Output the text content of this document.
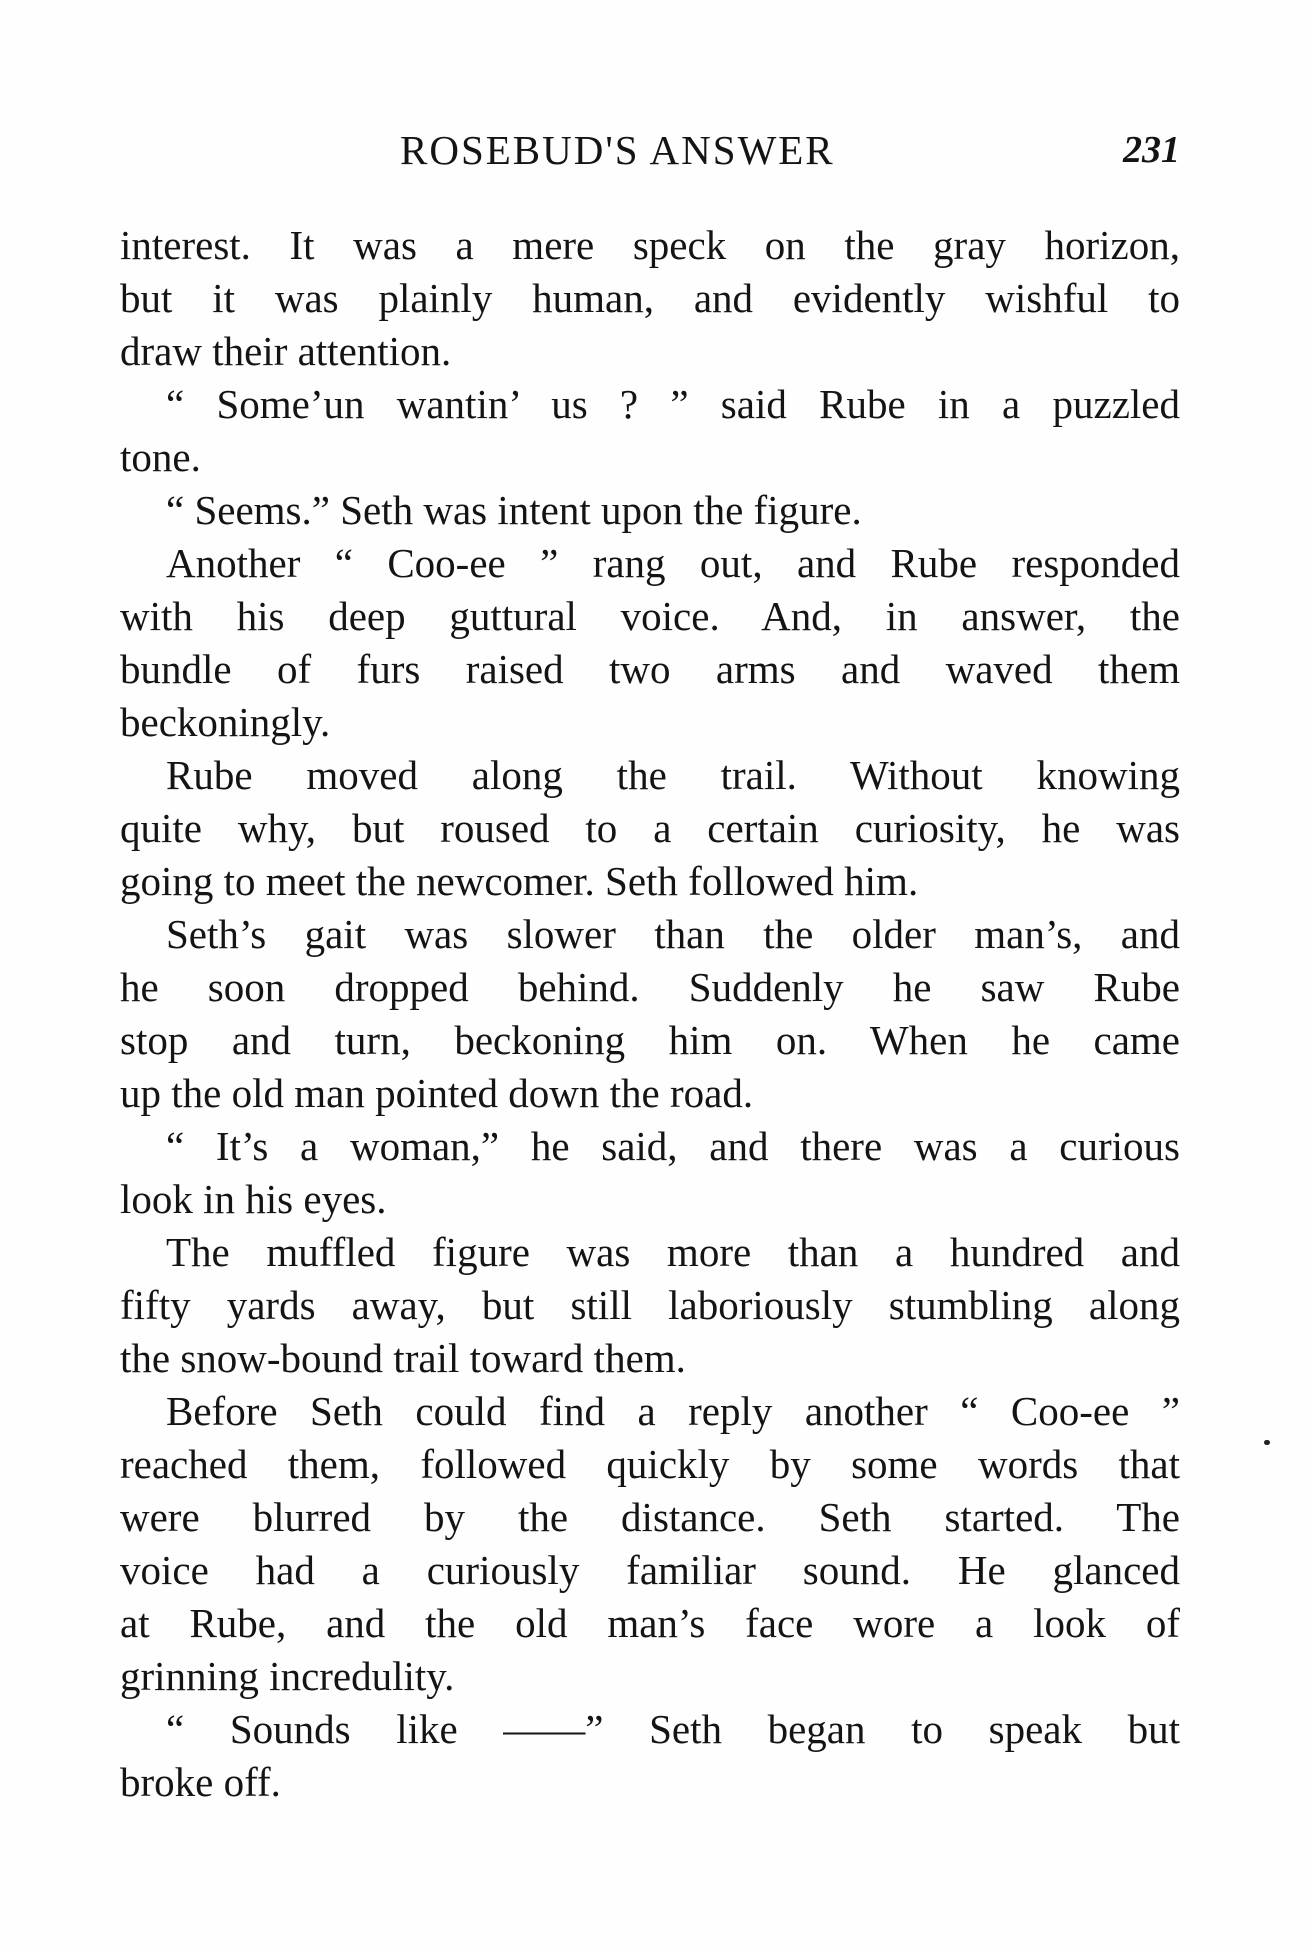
ROSEBUD'S ANSWER	231
interest. It was a mere speck on the gray horizon,
but it was plainly human, and evidently wishful to
draw their attention.
“ Some’un wantin’ us ? ” said Rube in a puzzled
tone.
“ Seems.” Seth was intent upon the figure.
Another “ Coo-ee ” rang out, and Rube responded
with his deep guttural voice. And, in answer, the
bundle of furs raised two arms and waved them
beckoningly.
Rube moved along the trail. Without knowing
quite why, but roused to a certain curiosity, he was
going to meet the newcomer. Seth followed him.
Seth’s gait was slower than the older man’s, and
he soon dropped behind. Suddenly he saw Rube
stop and turn, beckoning him on. When he came
up the old man pointed down the road.
“ It’s a woman,” he said, and there was a curious
look in his eyes.
The muffled figure was more than a hundred and
fifty yards away, but still laboriously stumbling along
the snow-bound trail toward them.
Before Seth could find a reply another “ Coo-ee ”
reached them, followed quickly by some words that
were blurred by the distance. Seth started. The
voice had a curiously familiar sound. He glanced
at Rube, and the old man’s face wore a look of
grinning incredulity.
“ Sounds like ——” Seth began to speak but
broke off.
